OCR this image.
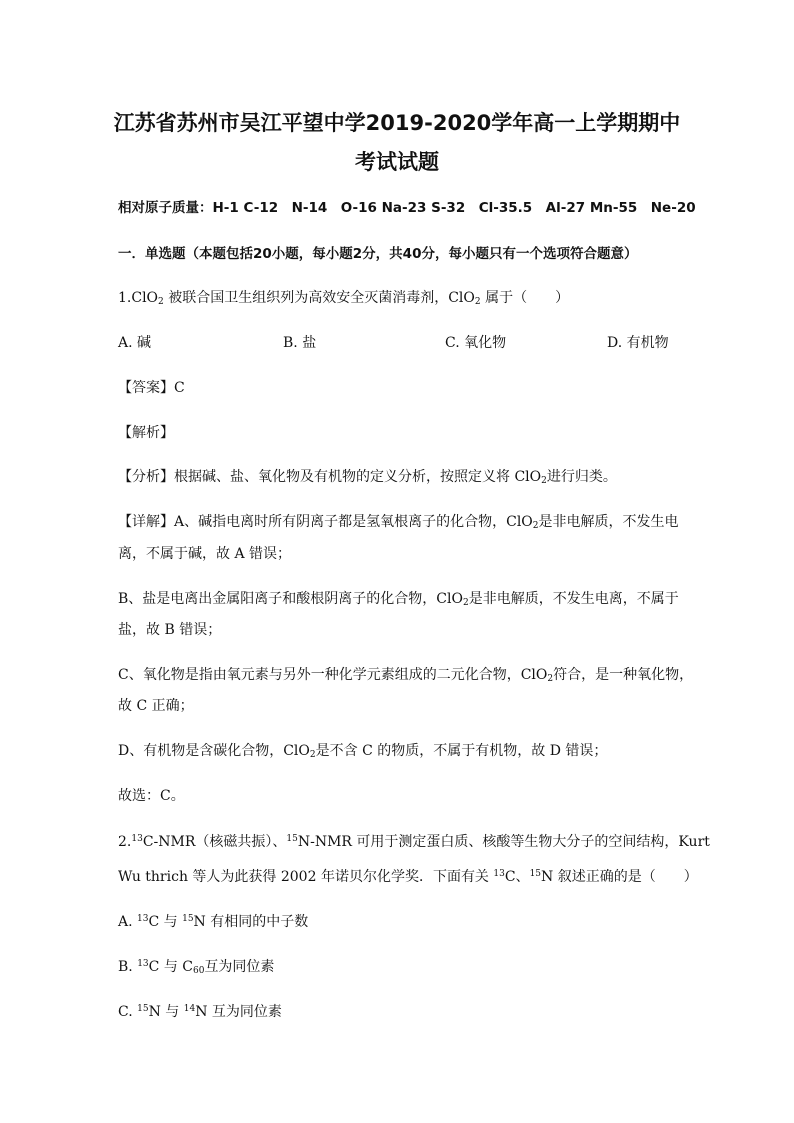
江苏省苏州市吴江平望中学2019-2020学年高一上学期期中
考试试题
相对原子质量：H-1 C-12　N-14　O-16 Na-23 S-32　Cl-35.5　Al-27 Mn-55　Ne-20
一．单选题（本题包括20小题，每小题2分，共40分，每小题只有一个选项符合题意）
1.ClO$_2$ 被联合国卫生组织列为高效安全灭菌消毒剂，ClO$_2$ 属于（　　）
A. 碱	B. 盐	C. 氧化物	D. 有机物
【答案】C
【解析】
【分析】根据碱、盐、氧化物及有机物的定义分析，按照定义将 ClO$_2$进行归类。
【详解】A、碱指电离时所有阴离子都是氢氧根离子的化合物，ClO$_2$是非电解质，不发生电
离，不属于碱，故 A 错误；
B、盐是电离出金属阳离子和酸根阴离子的化合物，ClO$_2$是非电解质，不发生电离，不属于
盐，故 B 错误；
C、氧化物是指由氧元素与另外一种化学元素组成的二元化合物，ClO$_2$符合，是一种氧化物，
故 C 正确；
D、有机物是含碳化合物，ClO$_2$是不含 C 的物质，不属于有机物，故 D 错误；
故选：C。
2.13C-NMR（核磁共振）、$^{15}$N-NMR 可用于测定蛋白质、核酸等生物大分子的空间结构，Kurt
Wu thrich 等人为此获得 2002 年诺贝尔化学奖．下面有关 $^{13}$C、$^{15}$N 叙述正确的是（　　）
A. $^{13}$C 与 $^{15}$N 有相同的中子数
B. $^{13}$C 与 $C_{60}$互为同位素
C. $^{15}$N 与 $^{14}$N 互为同位素
